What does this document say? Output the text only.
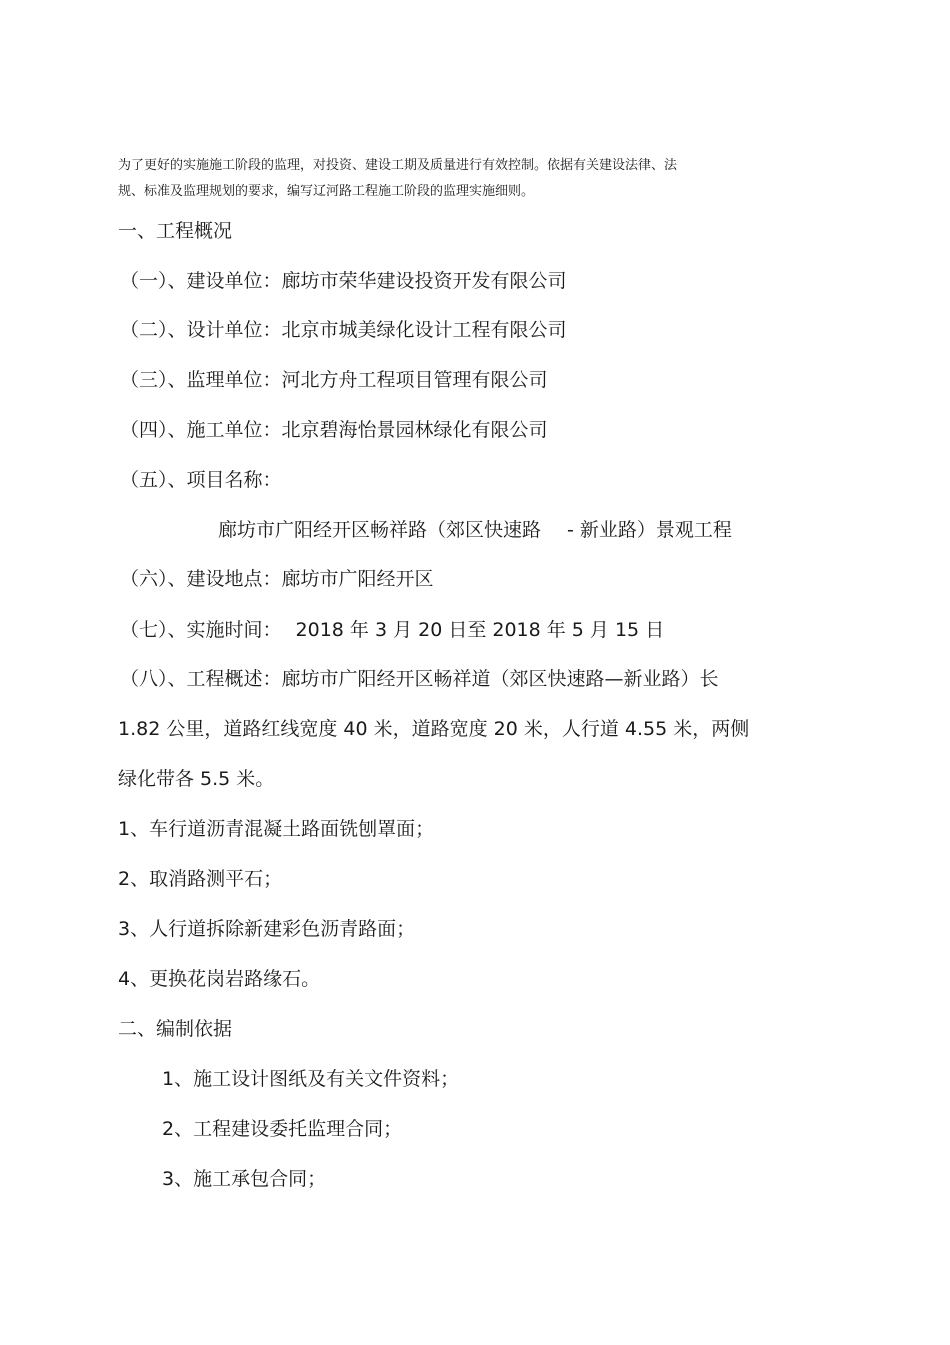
为了更好的实施施工阶段的监理，对投资、建设工期及质量进行有效控制。依据有关建设法律、法
规、标准及监理规划的要求，编写辽河路工程施工阶段的监理实施细则。
一、工程概况
（一）、建设单位：廊坊市荣华建设投资开发有限公司
（二）、设计单位：北京市城美绿化设计工程有限公司
（三）、监理单位：河北方舟工程项目管理有限公司
（四）、施工单位：北京碧海怡景园林绿化有限公司
（五）、项目名称：
廊坊市广阳经开区畅祥路（郊区快速路 - 新业路）景观工程
（六）、建设地点：廊坊市广阳经开区
（七）、实施时间： 2018 年 3 月 20 日至 2018 年 5 月 15 日
（八）、工程概述：廊坊市广阳经开区畅祥道（郊区快速路—新业路）长
1.82 公里，道路红线宽度 40 米，道路宽度 20 米，人行道 4.55 米，两侧
绿化带各 5.5 米。
1、车行道沥青混凝土路面铣刨罩面；
2、取消路测平石；
3、人行道拆除新建彩色沥青路面；
4、更换花岗岩路缘石。
二、编制依据
1、施工设计图纸及有关文件资料；
2、工程建设委托监理合同；
3、施工承包合同；
